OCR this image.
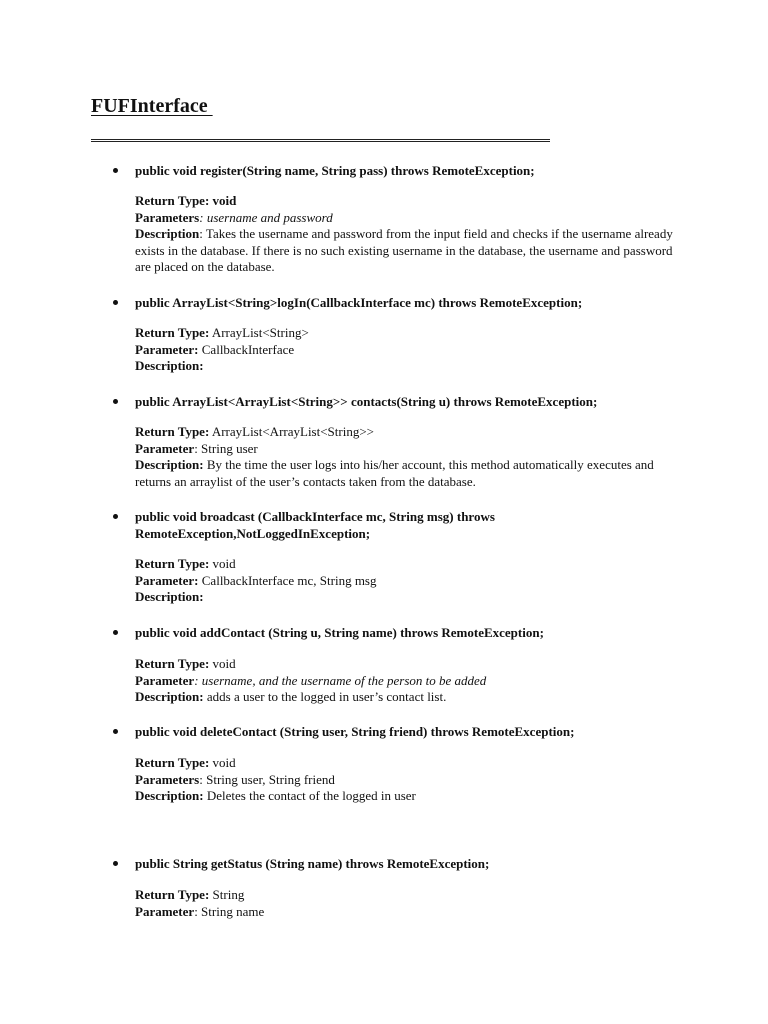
FUFInterface

public void register(String name, String pass) throws RemoteException;

Return Type: void

Parameters: username and password

Description: Takes the username and password from the input field and checks if the username already exists in the database. If there is no such existing username in the database, the username and password are placed on the database.

public ArrayList<String>logIn(CallbackInterface mc) throws RemoteException;

Return Type: ArrayList<String>

Parameter: CallbackInterface

Description:

public ArrayList<ArrayList<String>> contacts(String u) throws RemoteException;

Return Type: ArrayList<ArrayList<String>>

Parameter: String user

Description: By the time the user logs into his/her account, this method automatically executes and returns an arraylist of the user’s contacts taken from the database.

public void broadcast (CallbackInterface mc, String msg) throws RemoteException,NotLoggedInException;

Return Type: void

Parameter: CallbackInterface mc, String msg

Description:

public void addContact (String u, String name) throws RemoteException;

Return Type: void

Parameter: username, and the username of the person to be added

Description: adds a user to the logged in user’s contact list.

public void deleteContact (String user, String friend) throws RemoteException;

Return Type: void

Parameters: String user, String friend

Description: Deletes the contact of the logged in user

public String getStatus (String name) throws RemoteException;

Return Type: String

Parameter: String name
